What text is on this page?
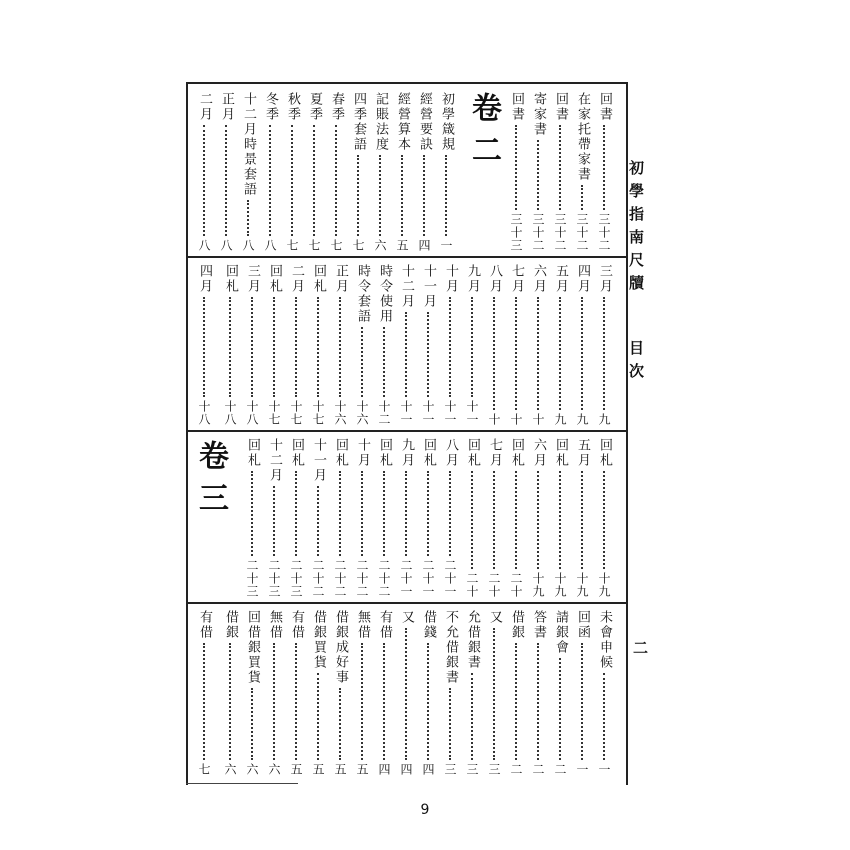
初學指南尺牘 目次
二
卷二
卷三
回書
三十二
在家托帶家書
三十二
回書
三十二
寄家書
三十二
回書
三十三
初學箴規
一
經營要訣
四
經營算本
五
記賬法度
六
四季套語
七
春季
七
夏季
七
秋季
七
冬季
八
十二月時景套語
八
正月
八
二月
八
三月
九
四月
九
五月
九
六月
十
七月
十
八月
十
九月
十一
十月
十一
十一月
十一
十二月
十一
時令使用
十二
時令套語
十六
正月
十六
回札
十七
二月
十七
回札
十七
三月
十八
回札
十八
四月
十八
回札
十九
五月
十九
回札
十九
六月
十九
回札
二十
七月
二十
回札
二十
八月
二十一
回札
二十一
九月
二十一
回札
二十二
十月
二十二
回札
二十二
十一月
二十二
回札
二十三
十二月
二十三
回札
二十三
未會申候
一
回函
一
請銀會
二
答書
二
借銀
二
又
三
允借銀書
三
不允借銀書
三
借錢
四
又
四
有借
四
無借
五
借銀成好事
五
借銀買貨
五
有借
五
無借
六
回借銀買貨
六
借銀
六
有借
七
9
